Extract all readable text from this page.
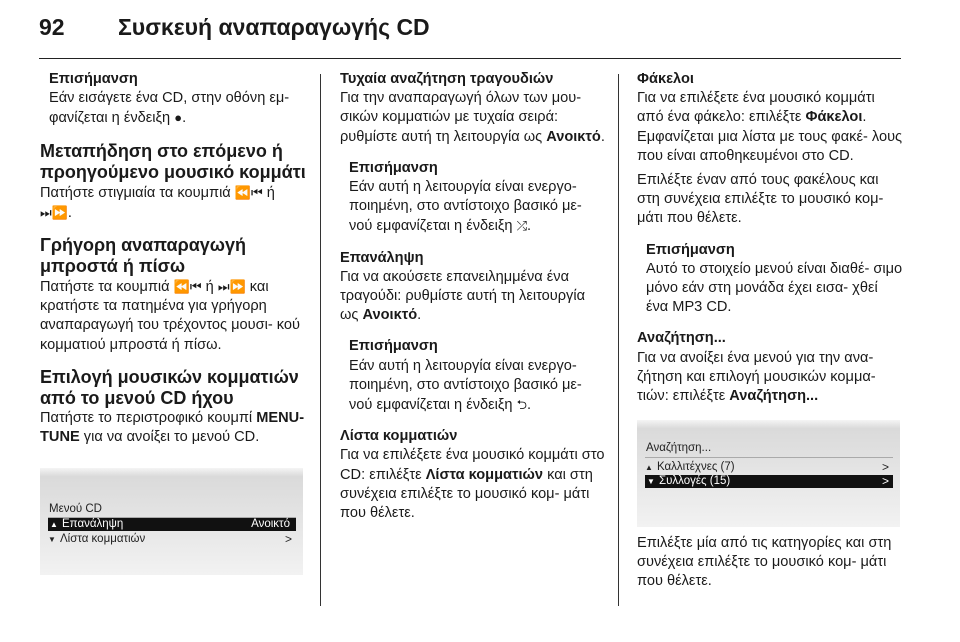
92 Συσκευή αναπαραγωγής CD

Επισήμανση

Εάν εισάγετε ένα CD, στην οθόνη εμ‐ φανίζεται η ένδειξη ●.

Μεταπήδηση στο επόμενο ή προηγούμενο μουσικό κομμάτι

Πατήστε στιγμιαία τα κουμπιά ⏪⏮ ή ⏭⏩.

Γρήγορη αναπαραγωγή μπροστά ή πίσω

Πατήστε τα κουμπιά ⏪⏮ ή ⏭⏩ και κρατήστε τα πατημένα για γρήγορη αναπαραγωγή του τρέχοντος μουσι‐ κού κομματιού μπροστά ή πίσω.

Επιλογή μουσικών κομματιών από το μενού CD ήχου

Πατήστε το περιστροφικό κουμπί MENU-TUNE για να ανοίξει το μενού CD.

Μενού CD
▲ Επανάληψη	Ανοικτό
▼ Λίστα κομματιών	>

Τυχαία αναζήτηση τραγουδιών

Για την αναπαραγωγή όλων των μου‐ σικών κομματιών με τυχαία σειρά: ρυθμίστε αυτή τη λειτουργία ως Ανοικτό.

Επισήμανση

Εάν αυτή η λειτουργία είναι ενεργο‐ ποιημένη, στο αντίστοιχο βασικό με‐ νού εμφανίζεται η ένδειξη ⤮.

Επανάληψη

Για να ακούσετε επανειλημμένα ένα τραγούδι: ρυθμίστε αυτή τη λειτουργία ως Ανοικτό.

Επισήμανση

Εάν αυτή η λειτουργία είναι ενεργο‐ ποιημένη, στο αντίστοιχο βασικό με‐ νού εμφανίζεται η ένδειξη ⮌.

Λίστα κομματιών

Για να επιλέξετε ένα μουσικό κομμάτι στο CD: επιλέξτε Λίστα κομματιών και στη συνέχεια επιλέξτε το μουσικό κομ‐ μάτι που θέλετε.

Φάκελοι

Για να επιλέξετε ένα μουσικό κομμάτι από ένα φάκελο: επιλέξτε Φάκελοι. Εμφανίζεται μια λίστα με τους φακέ‐ λους που είναι αποθηκευμένοι στο CD.

Επιλέξτε έναν από τους φακέλους και στη συνέχεια επιλέξτε το μουσικό κομ‐ μάτι που θέλετε.

Επισήμανση

Αυτό το στοιχείο μενού είναι διαθέ‐ σιμο μόνο εάν στη μονάδα έχει εισα‐ χθεί ένα MP3 CD.

Αναζήτηση...

Για να ανοίξει ένα μενού για την ανα‐ ζήτηση και επιλογή μουσικών κομμα‐ τιών: επιλέξτε Αναζήτηση...

Αναζήτηση...
▲ Καλλιτέχνες (7)	>
▼ Συλλογές (15)	>

Επιλέξτε μία από τις κατηγορίες και στη συνέχεια επιλέξτε το μουσικό κομ‐ μάτι που θέλετε.
